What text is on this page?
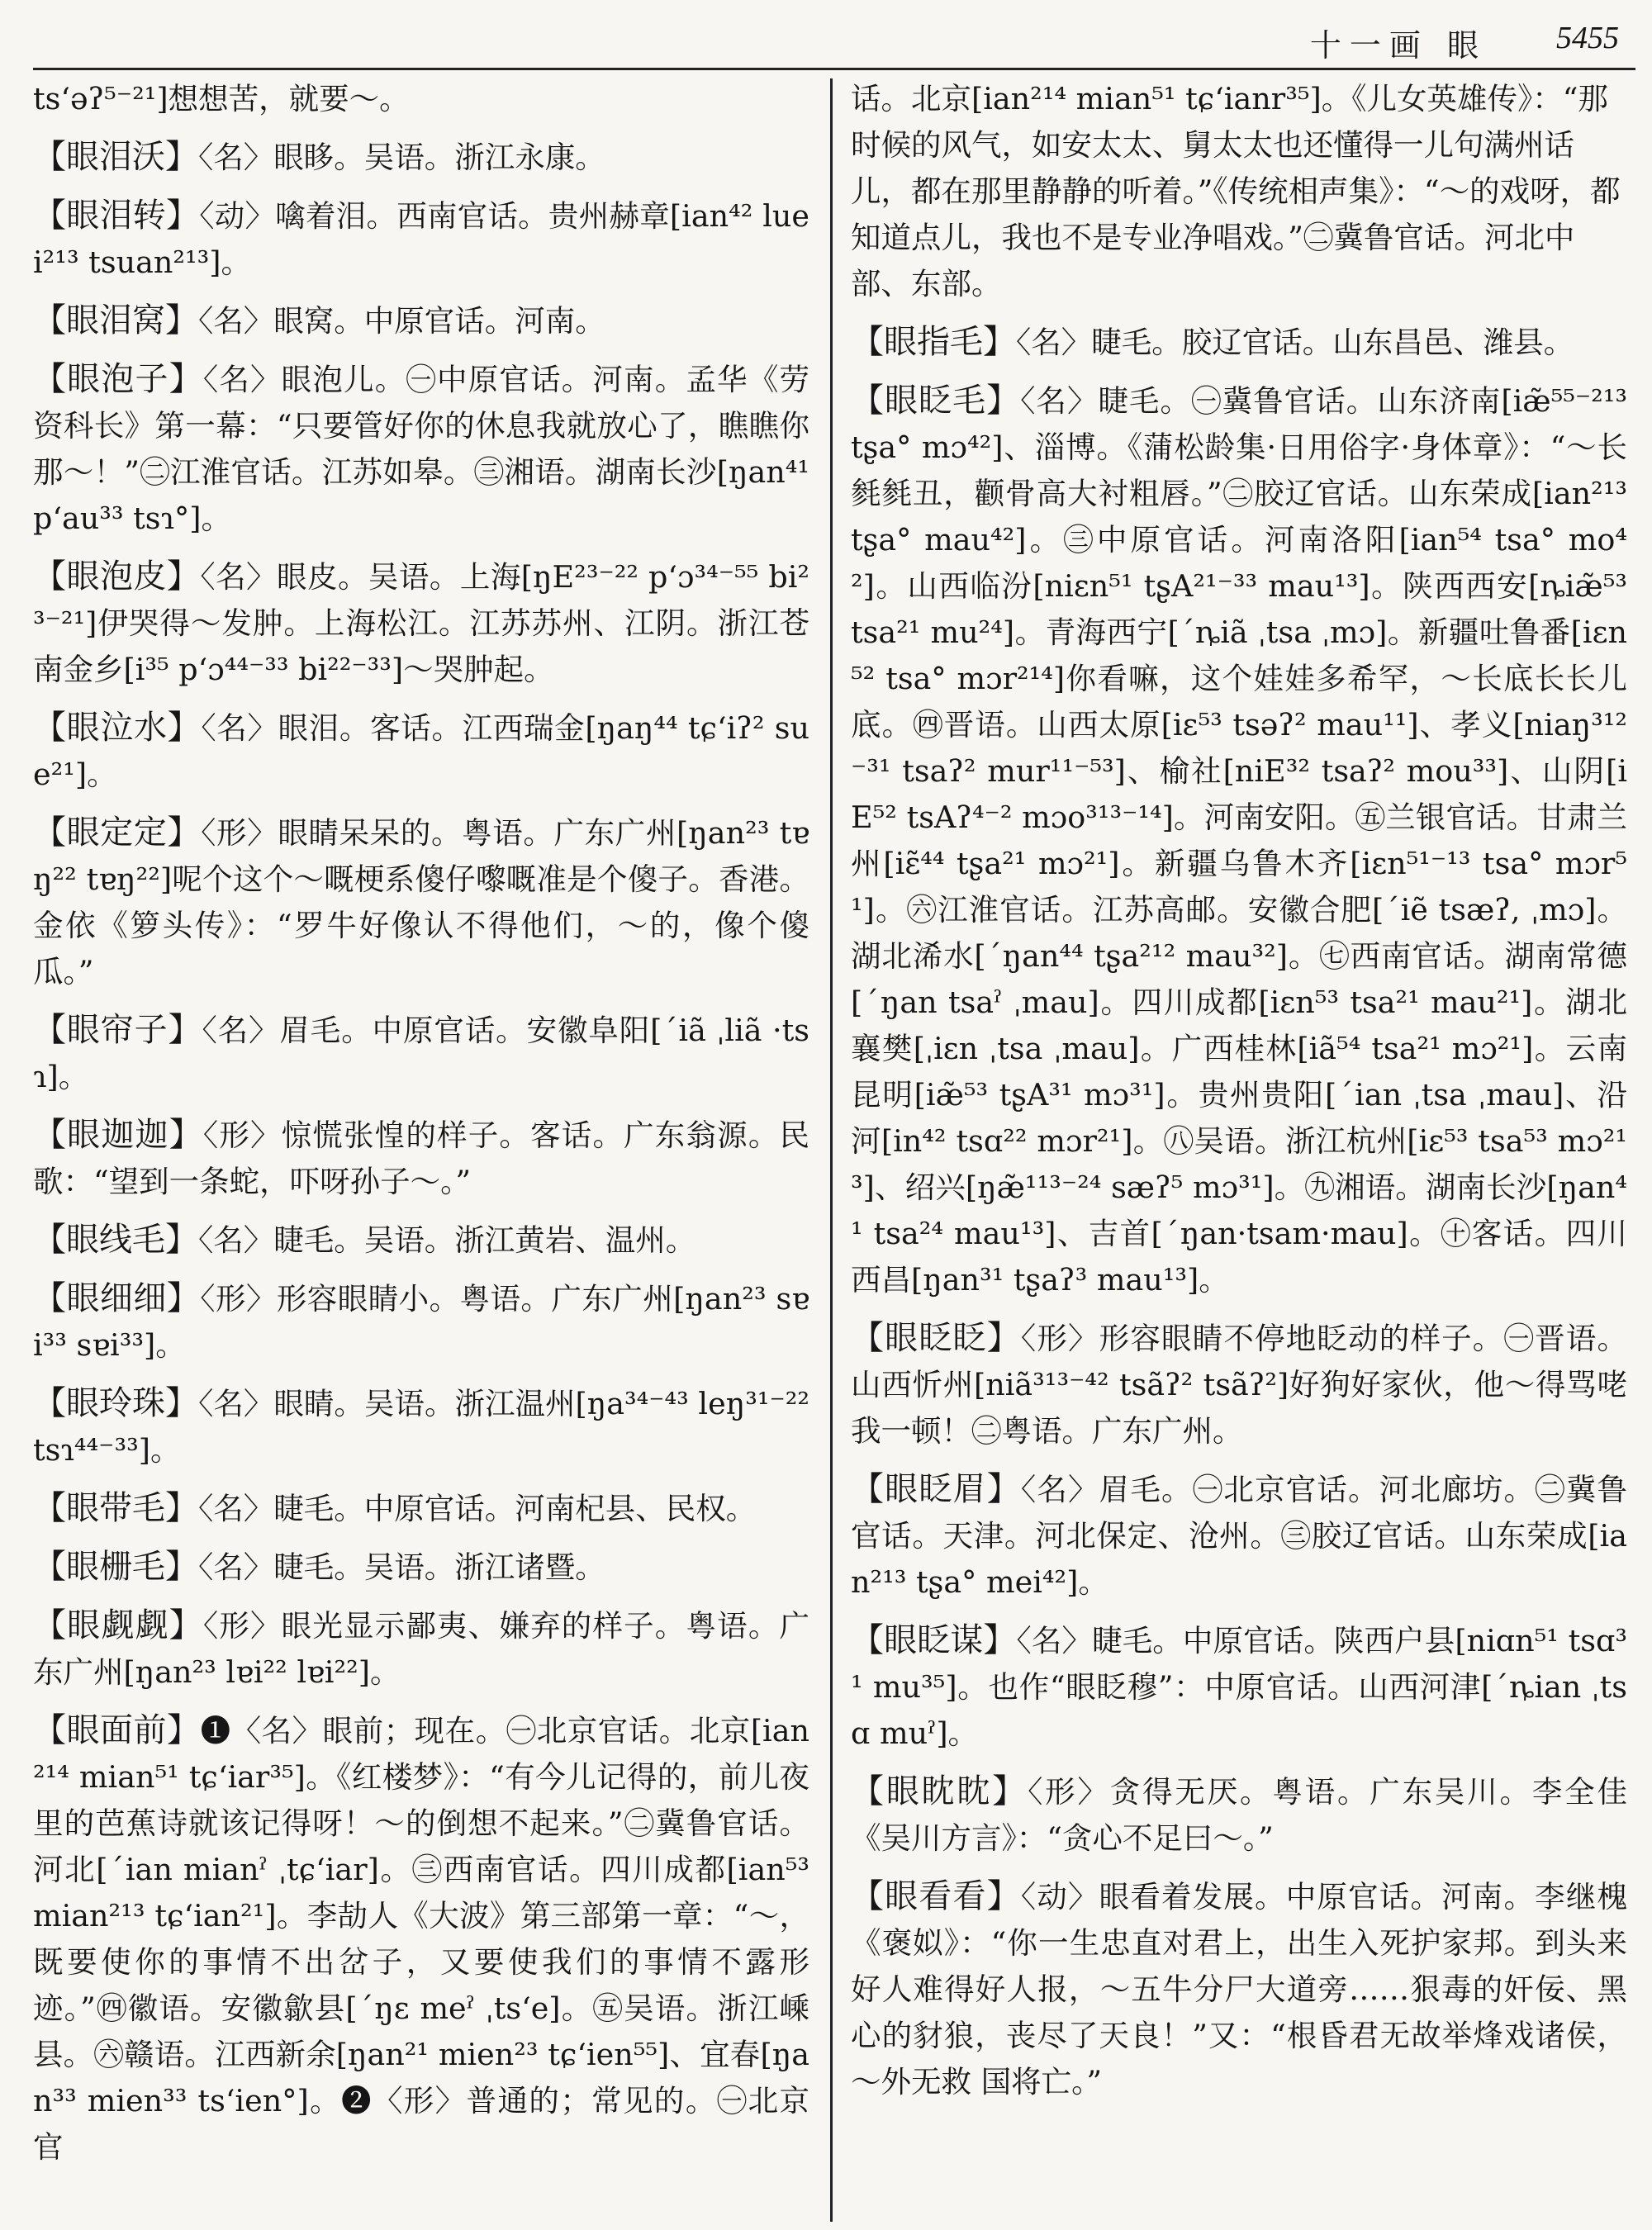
十一画 眼 5455
ts‘əʔ⁵⁻²¹]想想苦，就要～。
【眼泪沃】〈名〉眼眵。吴语。浙江永康。
【眼泪转】〈动〉噙着泪。西南官话。贵州赫章[ian⁴² luei²¹³ tsuan²¹³]。
【眼泪窝】〈名〉眼窝。中原官话。河南。
【眼泡子】〈名〉眼泡儿。㊀中原官话。河南。孟华《劳资科长》第一幕：“只要管好你的休息我就放心了，瞧瞧你那～！”㊁江淮官话。江苏如皋。㊂湘语。湖南长沙[ŋan⁴¹ p‘au³³ tsɿ°]。
【眼泡皮】〈名〉眼皮。吴语。上海[ŋE²³⁻²² p‘ɔ³⁴⁻⁵⁵ bi²³⁻²¹]伊哭得～发肿。上海松江。江苏苏州、江阴。浙江苍南金乡[i³⁵ p‘ɔ⁴⁴⁻³³ bi²²⁻³³]～哭肿起。
【眼泣水】〈名〉眼泪。客话。江西瑞金[ŋaŋ⁴⁴ tɕ‘iʔ² sue²¹]。
【眼定定】〈形〉眼睛呆呆的。粤语。广东广州[ŋan²³ tɐŋ²² tɐŋ²²]呢个这个～嘅梗系傻仔嚟嘅准是个傻子。香港。金依《箩头传》：“罗牛好像认不得他们，～的，像个傻瓜。”
【眼帘子】〈名〉眉毛。中原官话。安徽阜阳[ˊiã ˌliã ·tsɿ]。
【眼迦迦】〈形〉惊慌张惶的样子。客话。广东翁源。民歌：“望到一条蛇，吓呀孙子～。”
【眼线毛】〈名〉睫毛。吴语。浙江黄岩、温州。
【眼细细】〈形〉形容眼睛小。粤语。广东广州[ŋan²³ sɐi³³ sɐi³³]。
【眼玲珠】〈名〉眼睛。吴语。浙江温州[ŋa³⁴⁻⁴³ leŋ³¹⁻²² tsɿ⁴⁴⁻³³]。
【眼带毛】〈名〉睫毛。中原官话。河南杞县、民权。
【眼栅毛】〈名〉睫毛。吴语。浙江诸暨。
【眼觑觑】〈形〉眼光显示鄙夷、嫌弃的样子。粤语。广东广州[ŋan²³ lɐi²² lɐi²²]。
【眼面前】❶〈名〉眼前；现在。㊀北京官话。北京[ian²¹⁴ mian⁵¹ tɕ‘iar³⁵]。《红楼梦》：“有今儿记得的，前儿夜里的芭蕉诗就该记得呀！～的倒想不起来。”㊁冀鲁官话。河北[ˊian mianˀ ˌtɕ‘iar]。㊂西南官话。四川成都[ian⁵³ mian²¹³ tɕ‘ian²¹]。李劼人《大波》第三部第一章：“～，既要使你的事情不出岔子，又要使我们的事情不露形迹。”㊃徽语。安徽歙县[ˊŋɛ meˀ ˌts‘e]。㊄吴语。浙江嵊县。㊅赣语。江西新余[ŋan²¹ mien²³ tɕ‘ien⁵⁵]、宜春[ŋan³³ mien³³ ts‘ien°]。❷〈形〉普通的；常见的。㊀北京官
话。北京[ian²¹⁴ mian⁵¹ tɕ‘ianr³⁵]。《儿女英雄传》：“那时候的风气，如安太太、舅太太也还懂得一儿句满州话儿，都在那里静静的听着。”《传统相声集》：“～的戏呀，都知道点儿，我也不是专业净唱戏。”㊁冀鲁官话。河北中部、东部。
【眼指毛】〈名〉睫毛。胶辽官话。山东昌邑、潍县。
【眼眨毛】〈名〉睫毛。㊀冀鲁官话。山东济南[iæ̃⁵⁵⁻²¹³ tʂa° mɔ⁴²]、淄博。《蒲松龄集·日用俗字·身体章》：“～长毵毵丑，颧骨高大衬粗唇。”㊁胶辽官话。山东荣成[ian²¹³ tʂa° mau⁴²]。㊂中原官话。河南洛阳[ian⁵⁴ tsa° mo⁴²]。山西临汾[niɛn⁵¹ tʂA²¹⁻³³ mau¹³]。陕西西安[ȵiæ̃⁵³ tsa²¹ mu²⁴]。青海西宁[ˊȵiã ˌtsa ˌmɔ]。新疆吐鲁番[iɛn⁵² tsa° mɔr²¹⁴]你看嘛，这个娃娃多希罕，～长底长长儿底。㊃晋语。山西太原[iɛ⁵³ tsəʔ² mau¹¹]、孝义[niaŋ³¹²⁻³¹ tsaʔ² mur¹¹⁻⁵³]、榆社[niE³² tsaʔ² mou³³]、山阴[iE⁵² tsAʔ⁴⁻² mɔo³¹³⁻¹⁴]。河南安阳。㊄兰银官话。甘肃兰州[iɛ̃⁴⁴ tʂa²¹ mɔ²¹]。新疆乌鲁木齐[iɛn⁵¹⁻¹³ tsa° mɔr⁵¹]。㊅江淮官话。江苏高邮。安徽合肥[ˊiẽ tsæʔ, ˌmɔ]。湖北浠水[ˊŋan⁴⁴ tʂa²¹² mau³²]。㊆西南官话。湖南常德[ˊŋan tsaˀ ˌmau]。四川成都[iɛn⁵³ tsa²¹ mau²¹]。湖北襄樊[ˌiɛn ˌtsa ˌmau]。广西桂林[iã⁵⁴ tsa²¹ mɔ²¹]。云南昆明[iæ̃⁵³ tʂA³¹ mɔ³¹]。贵州贵阳[ˊian ˌtsa ˌmau]、沿河[in⁴² tsɑ²² mɔr²¹]。㊇吴语。浙江杭州[iɛ⁵³ tsa⁵³ mɔ²¹³]、绍兴[ŋæ̃¹¹³⁻²⁴ sæʔ⁵ mɔ³¹]。㊈湘语。湖南长沙[ŋan⁴¹ tsa²⁴ mau¹³]、吉首[ˊŋan·tsam·mau]。㊉客话。四川西昌[ŋan³¹ tʂaʔ³ mau¹³]。
【眼眨眨】〈形〉形容眼睛不停地眨动的样子。㊀晋语。山西忻州[niã³¹³⁻⁴² tsãʔ² tsãʔ²]好狗好家伙，他～得骂咾我一顿！㊁粤语。广东广州。
【眼眨眉】〈名〉眉毛。㊀北京官话。河北廊坊。㊁冀鲁官话。天津。河北保定、沧州。㊂胶辽官话。山东荣成[ian²¹³ tʂa° mei⁴²]。
【眼眨谋】〈名〉睫毛。中原官话。陕西户县[niɑn⁵¹ tsɑ³¹ mu³⁵]。也作“眼眨穆”：中原官话。山西河津[ˊȵian ˌtsɑ muˀ]。
【眼眈眈】〈形〉贪得无厌。粤语。广东吴川。李全佳《吴川方言》：“贪心不足曰～。”
【眼看看】〈动〉眼看着发展。中原官话。河南。李继槐《褒姒》：“你一生忠直对君上，出生入死护家邦。到头来好人难得好人报，～五牛分尸大道旁……狠毒的奸佞、黑心的豺狼，丧尽了天良！”又：“根昏君无故举烽戏诸侯，～外无救 国将亡。”
